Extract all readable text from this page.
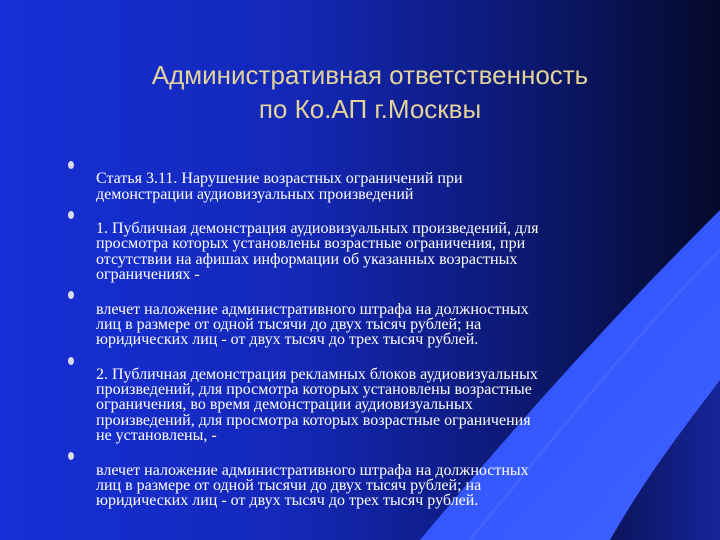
Административная ответственность
по Ко.АП г.Москвы

Статья 3.11. Нарушение возрастных ограничений при
демонстрации аудиовизуальных произведений

1. Публичная демонстрация аудиовизуальных произведений, для
просмотра которых установлены возрастные ограничения, при
отсутствии на афишах информации об указанных возрастных
ограничениях -

влечет наложение административного штрафа на должностных
лиц в размере от одной тысячи до двух тысяч рублей; на
юридических лиц - от двух тысяч до трех тысяч рублей.

2. Публичная демонстрация рекламных блоков аудиовизуальных
произведений, для просмотра которых установлены возрастные
ограничения, во время демонстрации аудиовизуальных
произведений, для просмотра которых возрастные ограничения
не установлены, -

влечет наложение административного штрафа на должностных
лиц в размере от одной тысячи до двух тысяч рублей; на
юридических лиц - от двух тысяч до трех тысяч рублей.
